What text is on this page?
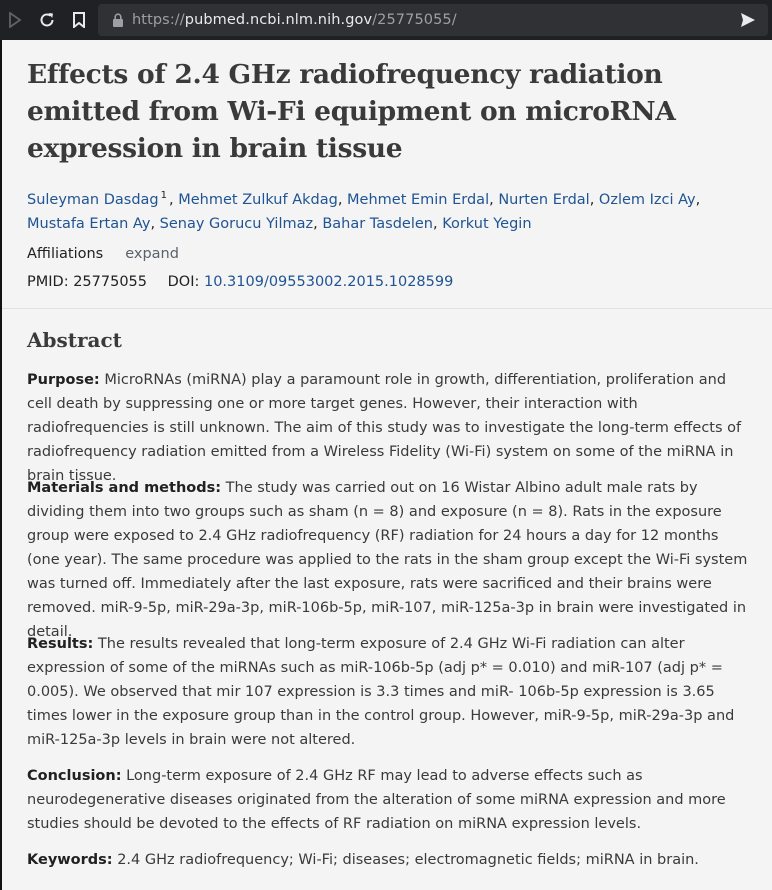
https://pubmed.ncbi.nlm.nih.gov/25775055/
Effects of 2.4 GHz radiofrequency radiation emitted from Wi-Fi equipment on microRNA expression in brain tissue
Suleyman Dasdag $^1$ , Mehmet Zulkuf Akdag, Mehmet Emin Erdal, Nurten Erdal, Ozlem Izci Ay, Mustafa Ertan Ay, Senay Gorucu Yilmaz, Bahar Tasdelen, Korkut Yegin
Affiliations expand
PMID: 25775055 DOI: 10.3109/09553002.2015.1028599
Abstract

Purpose: MicroRNAs (miRNA) play a paramount role in growth, differentiation, proliferation and cell death by suppressing one or more target genes. However, their interaction with radiofrequencies is still unknown. The aim of this study was to investigate the long-term effects of radiofrequency radiation emitted from a Wireless Fidelity (Wi-Fi) system on some of the miRNA in brain tissue.

Materials and methods: The study was carried out on 16 Wistar Albino adult male rats by dividing them into two groups such as sham (n = 8) and exposure (n = 8). Rats in the exposure group were exposed to 2.4 GHz radiofrequency (RF) radiation for 24 hours a day for 12 months (one year). The same procedure was applied to the rats in the sham group except the Wi-Fi system was turned off. Immediately after the last exposure, rats were sacrificed and their brains were removed. miR-9-5p, miR-29a-3p, miR-106b-5p, miR-107, miR-125a-3p in brain were investigated in detail.

Results: The results revealed that long-term exposure of 2.4 GHz Wi-Fi radiation can alter expression of some of the miRNAs such as miR-106b-5p (adj p* = 0.010) and miR-107 (adj p* = 0.005). We observed that mir 107 expression is 3.3 times and miR- 106b-5p expression is 3.65 times lower in the exposure group than in the control group. However, miR-9-5p, miR-29a-3p and miR-125a-3p levels in brain were not altered.

Conclusion: Long-term exposure of 2.4 GHz RF may lead to adverse effects such as neurodegenerative diseases originated from the alteration of some miRNA expression and more studies should be devoted to the effects of RF radiation on miRNA expression levels.

Keywords: 2.4 GHz radiofrequency; Wi-Fi; diseases; electromagnetic fields; miRNA in brain.
